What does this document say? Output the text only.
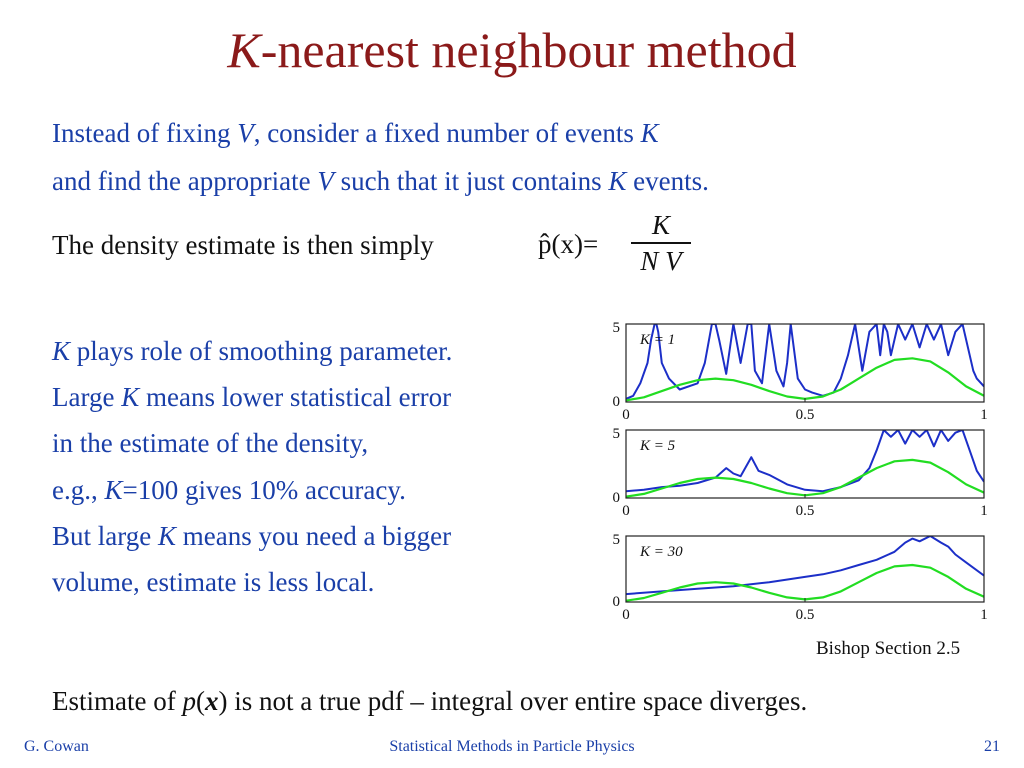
K-nearest neighbour method
Instead of fixing V, consider a fixed number of events K
and find the appropriate V such that it just contains K events.
The density estimate is then simply	p̂(x)=
K
N V
K plays role of smoothing parameter.
Large K means lower statistical error
in the estimate of the density,
e.g., K=100 gives 10% accuracy.
But large K means you need a bigger
volume, estimate is less local.
0
5
0	0.5	1
K = 1
0
5
0	0.5	1
K = 5
0
5
0	0.5	1
K = 30
Bishop Section 2.5
Estimate of p(x) is not a true pdf – integral over entire space diverges.
G. Cowan	Statistical Methods in Particle Physics	21
